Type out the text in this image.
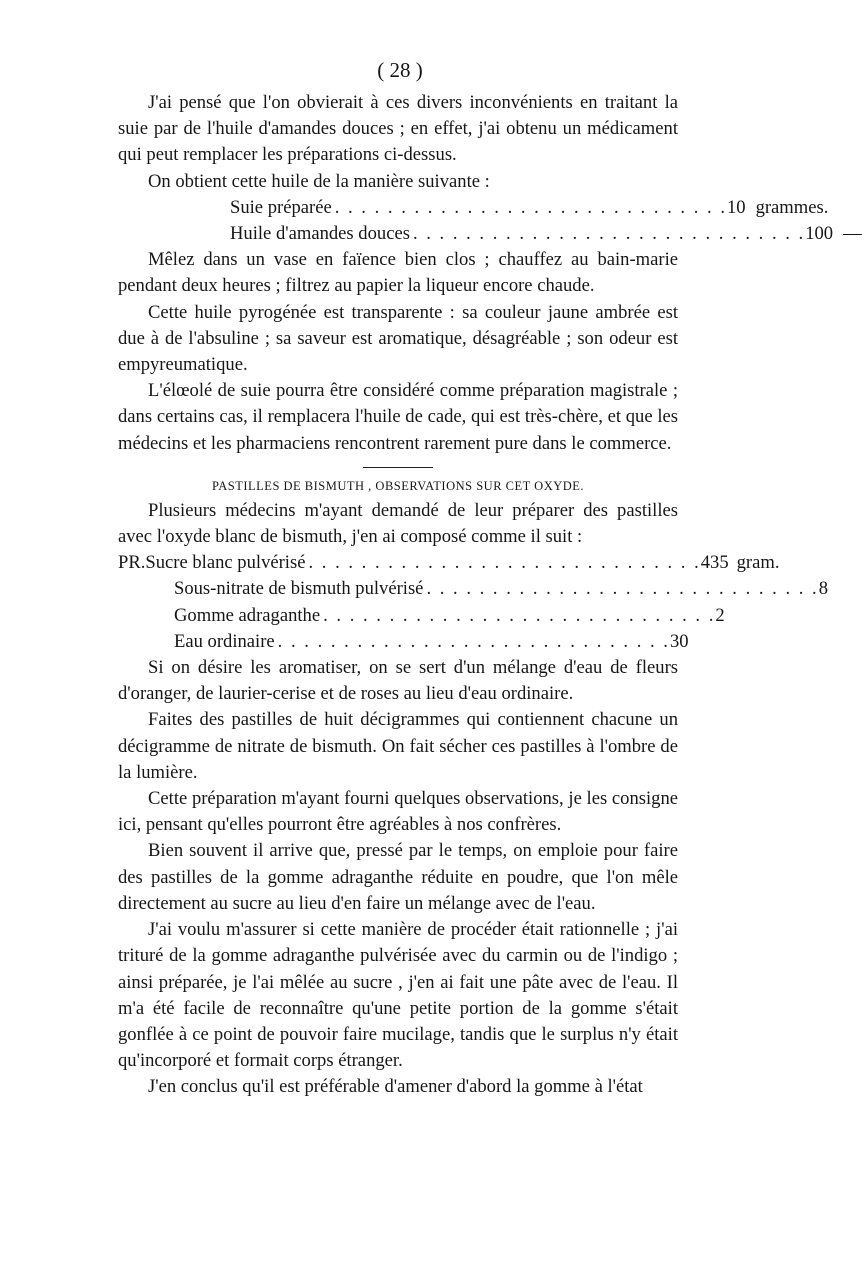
( 28 )

J'ai pensé que l'on obvierait à ces divers inconvénients en traitant la suie par de l'huile d'amandes douces ; en effet, j'ai obtenu un médicament qui peut remplacer les préparations ci-dessus.

On obtient cette huile de la manière suivante :

Suie préparée . . . . . . . . . . . . . . . . . . . . . . . . . . . . . . 10 grammes.
Huile d'amandes douces . . . . . . . . . . . . . . . . . . . . . . . . . . . . . . 100 —

Mêlez dans un vase en faïence bien clos ; chauffez au bain-marie pendant deux heures ; filtrez au papier la liqueur encore chaude.

Cette huile pyrogénée est transparente : sa couleur jaune ambrée est due à de l'absuline ; sa saveur est aromatique, désagréable ; son odeur est empyreumatique.

L'élœolé de suie pourra être considéré comme préparation magistrale ; dans certains cas, il remplacera l'huile de cade, qui est très-chère, et que les médecins et les pharmaciens rencontrent rarement pure dans le commerce.

PASTILLES DE BISMUTH , OBSERVATIONS SUR CET OXYDE.

Plusieurs médecins m'ayant demandé de leur préparer des pastilles avec l'oxyde blanc de bismuth, j'en ai composé comme il suit :

PR. Sucre blanc pulvérisé . . . . . . . . . . . . . . . . . . . . . . . . . . . . . . 435 gram.
Sous-nitrate de bismuth pulvérisé . . . . . . . . . . . . . . . . . . . . . . . . . . . . . . 8
Gomme adraganthe . . . . . . . . . . . . . . . . . . . . . . . . . . . . . . 2
Eau ordinaire . . . . . . . . . . . . . . . . . . . . . . . . . . . . . . 30

Si on désire les aromatiser, on se sert d'un mélange d'eau de fleurs d'oranger, de laurier-cerise et de roses au lieu d'eau ordinaire.

Faites des pastilles de huit décigrammes qui contiennent chacune un décigramme de nitrate de bismuth. On fait sécher ces pastilles à l'ombre de la lumière.

Cette préparation m'ayant fourni quelques observations, je les consigne ici, pensant qu'elles pourront être agréables à nos confrères.

Bien souvent il arrive que, pressé par le temps, on emploie pour faire des pastilles de la gomme adraganthe réduite en poudre, que l'on mêle directement au sucre au lieu d'en faire un mélange avec de l'eau.

J'ai voulu m'assurer si cette manière de procéder était rationnelle ; j'ai trituré de la gomme adraganthe pulvérisée avec du carmin ou de l'indigo ; ainsi préparée, je l'ai mêlée au sucre , j'en ai fait une pâte avec de l'eau. Il m'a été facile de reconnaître qu'une petite portion de la gomme s'était gonflée à ce point de pouvoir faire mucilage, tandis que le surplus n'y était qu'incorporé et formait corps étranger.

J'en conclus qu'il est préférable d'amener d'abord la gomme à l'état
